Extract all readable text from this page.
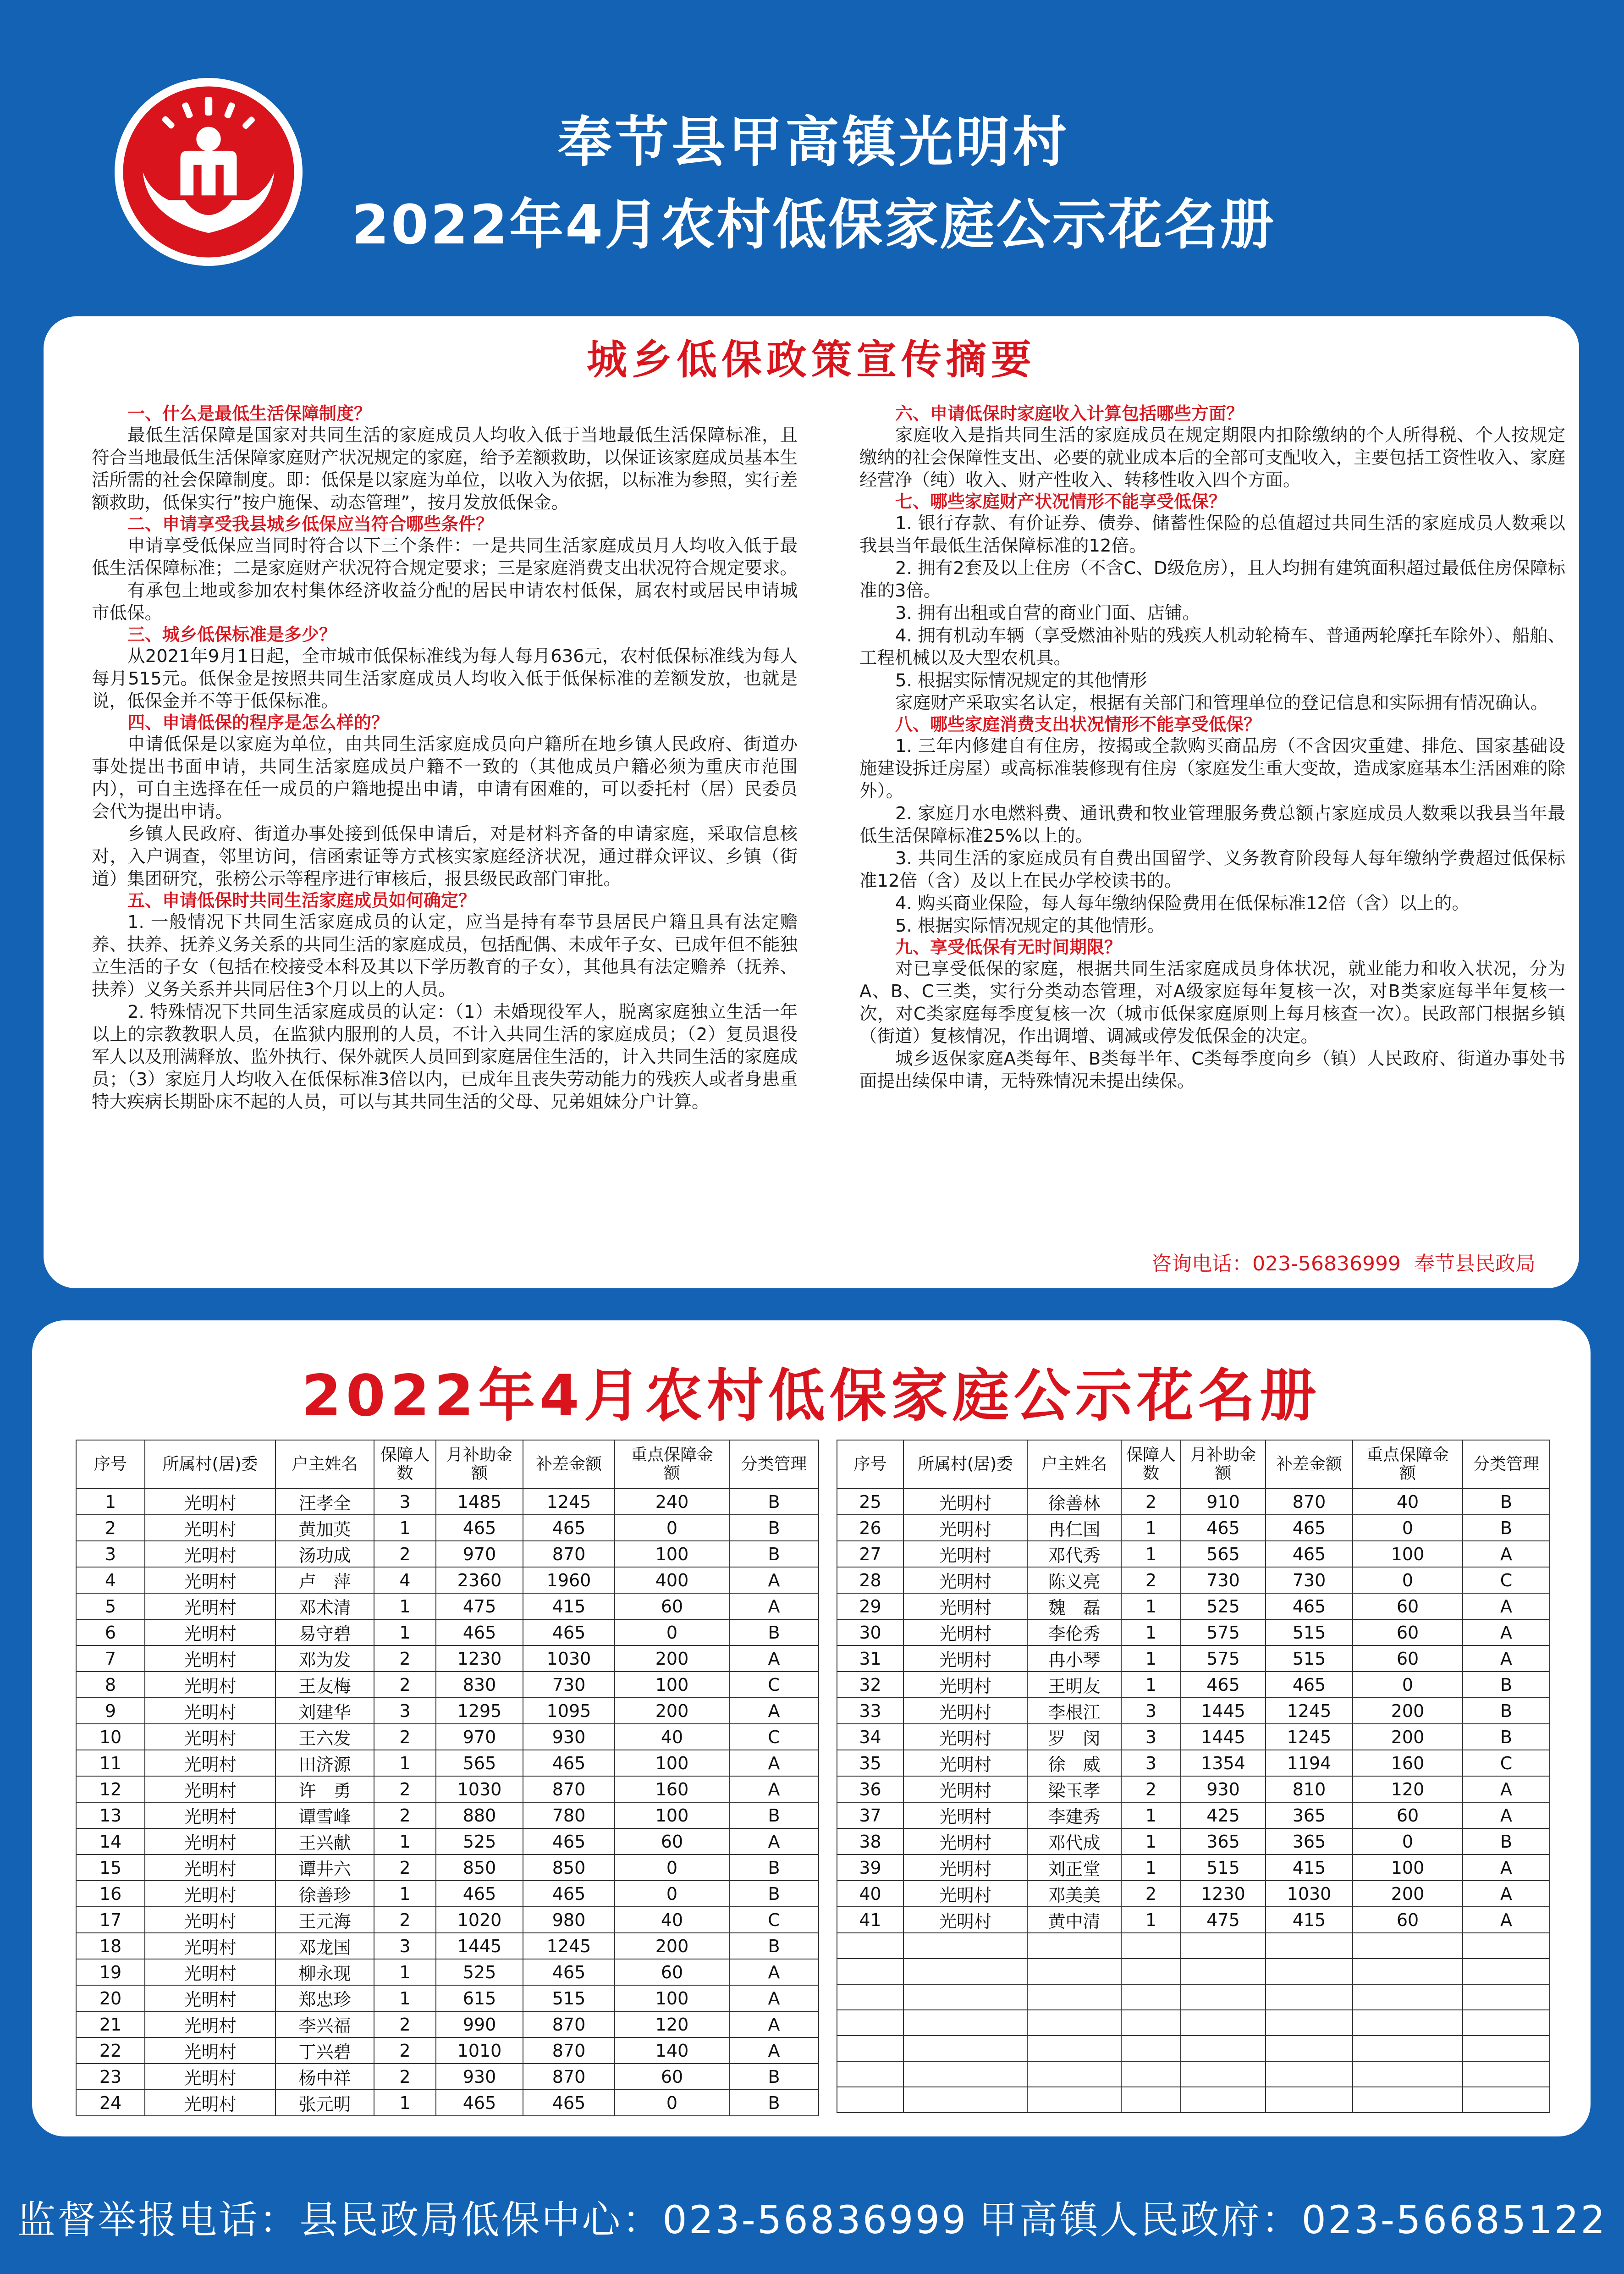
奉节县甲高镇光明村
2022年4月农村低保家庭公示花名册
城乡低保政策宣传摘要
一、什么是最低生活保障制度？

最低生活保障是国家对共同生活的家庭成员人均收入低于当地最低生活保障标准，且符合当地最低生活保障家庭财产状况规定的家庭，给予差额救助，以保证该家庭成员基本生活所需的社会保障制度。即：低保是以家庭为单位，以收入为依据，以标准为参照，实行差额救助，低保实行”按户施保、动态管理”，按月发放低保金。

二、申请享受我县城乡低保应当符合哪些条件？

申请享受低保应当同时符合以下三个条件：一是共同生活家庭成员月人均收入低于最低生活保障标准；二是家庭财产状况符合规定要求；三是家庭消费支出状况符合规定要求。

有承包土地或参加农村集体经济收益分配的居民申请农村低保，属农村或居民申请城市低保。

三、城乡低保标准是多少？

从2021年9月1日起，全市城市低保标准线为每人每月636元，农村低保标准线为每人每月515元。低保金是按照共同生活家庭成员人均收入低于低保标准的差额发放，也就是说，低保金并不等于低保标准。

四、申请低保的程序是怎么样的？

申请低保是以家庭为单位，由共同生活家庭成员向户籍所在地乡镇人民政府、街道办事处提出书面申请，共同生活家庭成员户籍不一致的（其他成员户籍必须为重庆市范围内），可自主选择在任一成员的户籍地提出申请，申请有困难的，可以委托村（居）民委员会代为提出申请。

乡镇人民政府、街道办事处接到低保申请后，对是材料齐备的申请家庭，采取信息核对，入户调查，邻里访问，信函索证等方式核实家庭经济状况，通过群众评议、乡镇（街道）集团研究，张榜公示等程序进行审核后，报县级民政部门审批。

五、申请低保时共同生活家庭成员如何确定？

1. 一般情况下共同生活家庭成员的认定，应当是持有奉节县居民户籍且具有法定赡养、扶养、抚养义务关系的共同生活的家庭成员，包括配偶、未成年子女、已成年但不能独立生活的子女（包括在校接受本科及其以下学历教育的子女），其他具有法定赡养（抚养、扶养）义务关系并共同居住3个月以上的人员。

2. 特殊情况下共同生活家庭成员的认定：（1）未婚现役军人，脱离家庭独立生活一年以上的宗教教职人员，在监狱内服刑的人员，不计入共同生活的家庭成员；（2）复员退役军人以及刑满释放、监外执行、保外就医人员回到家庭居住生活的，计入共同生活的家庭成员；（3）家庭月人均收入在低保标准3倍以内，已成年且丧失劳动能力的残疾人或者身患重特大疾病长期卧床不起的人员，可以与其共同生活的父母、兄弟姐妹分户计算。

六、申请低保时家庭收入计算包括哪些方面？

家庭收入是指共同生活的家庭成员在规定期限内扣除缴纳的个人所得税、个人按规定缴纳的社会保障性支出、必要的就业成本后的全部可支配收入，主要包括工资性收入、家庭经营净（纯）收入、财产性收入、转移性收入四个方面。

七、哪些家庭财产状况情形不能享受低保？

1. 银行存款、有价证券、债券、储蓄性保险的总值超过共同生活的家庭成员人数乘以我县当年最低生活保障标准的12倍。

2. 拥有2套及以上住房（不含C、D级危房），且人均拥有建筑面积超过最低住房保障标准的3倍。

3. 拥有出租或自营的商业门面、店铺。

4. 拥有机动车辆（享受燃油补贴的残疾人机动轮椅车、普通两轮摩托车除外）、船舶、工程机械以及大型农机具。

5. 根据实际情况规定的其他情形

家庭财产采取实名认定，根据有关部门和管理单位的登记信息和实际拥有情况确认。

八、哪些家庭消费支出状况情形不能享受低保？

1. 三年内修建自有住房，按揭或全款购买商品房（不含因灾重建、排危、国家基础设施建设拆迁房屋）或高标准装修现有住房（家庭发生重大变故，造成家庭基本生活困难的除外）。

2. 家庭月水电燃料费、通讯费和牧业管理服务费总额占家庭成员人数乘以我县当年最低生活保障标准25%以上的。

3. 共同生活的家庭成员有自费出国留学、义务教育阶段每人每年缴纳学费超过低保标准12倍（含）及以上在民办学校读书的。

4. 购买商业保险，每人每年缴纳保险费用在低保标准12倍（含）以上的。

5. 根据实际情况规定的其他情形。

九、享受低保有无时间期限？

对已享受低保的家庭，根据共同生活家庭成员身体状况，就业能力和收入状况，分为A、B、C三类，实行分类动态管理，对A级家庭每年复核一次，对B类家庭每半年复核一次，对C类家庭每季度复核一次（城市低保家庭原则上每月核查一次）。民政部门根据乡镇（街道）复核情况，作出调增、调减或停发低保金的决定。

城乡返保家庭A类每年、B类每半年、C类每季度向乡（镇）人民政府、街道办事处书面提出续保申请，无特殊情况未提出续保。

咨询电话：023-56836999 奉节县民政局
2022年4月农村低保家庭公示花名册
序号	所属村(居)委	户主姓名	保障人数	月补助金　额	补差金额	重点保障金　额	分类管理
1	光明村	汪孝全	3	1485	1245	240	B
2	光明村	黄加英	1	465	465	0	B
3	光明村	汤功成	2	970	870	100	B
4	光明村	卢　萍	4	2360	1960	400	A
5	光明村	邓术清	1	475	415	60	A
6	光明村	易守碧	1	465	465	0	B
7	光明村	邓为发	2	1230	1030	200	A
8	光明村	王友梅	2	830	730	100	C
9	光明村	刘建华	3	1295	1095	200	A
10	光明村	王六发	2	970	930	40	C
11	光明村	田济源	1	565	465	100	A
12	光明村	许　勇	2	1030	870	160	A
13	光明村	谭雪峰	2	880	780	100	B
14	光明村	王兴献	1	525	465	60	A
15	光明村	谭井六	2	850	850	0	B
16	光明村	徐善珍	1	465	465	0	B
17	光明村	王元海	2	1020	980	40	C
18	光明村	邓龙国	3	1445	1245	200	B
19	光明村	柳永现	1	525	465	60	A
20	光明村	郑忠珍	1	615	515	100	A
21	光明村	李兴福	2	990	870	120	A
22	光明村	丁兴碧	2	1010	870	140	A
23	光明村	杨中祥	2	930	870	60	B
24	光明村	张元明	1	465	465	0	B
序号	所属村(居)委	户主姓名	保障人数	月补助金　额	补差金额	重点保障金　额	分类管理
25	光明村	徐善林	2	910	870	40	B
26	光明村	冉仁国	1	465	465	0	B
27	光明村	邓代秀	1	565	465	100	A
28	光明村	陈义亮	2	730	730	0	C
29	光明村	魏　磊	1	525	465	60	A
30	光明村	李伦秀	1	575	515	60	A
31	光明村	冉小琴	1	575	515	60	A
32	光明村	王明友	1	465	465	0	B
33	光明村	李根江	3	1445	1245	200	B
34	光明村	罗　闵	3	1445	1245	200	B
35	光明村	徐　威	3	1354	1194	160	C
36	光明村	梁玉孝	2	930	810	120	A
37	光明村	李建秀	1	425	365	60	A
38	光明村	邓代成	1	365	365	0	B
39	光明村	刘正堂	1	515	415	100	A
40	光明村	邓美美	2	1230	1030	200	A
41	光明村	黄中清	1	475	415	60	A

监督举报电话：县民政局低保中心：023-56836999 甲高镇人民政府：023-56685122
